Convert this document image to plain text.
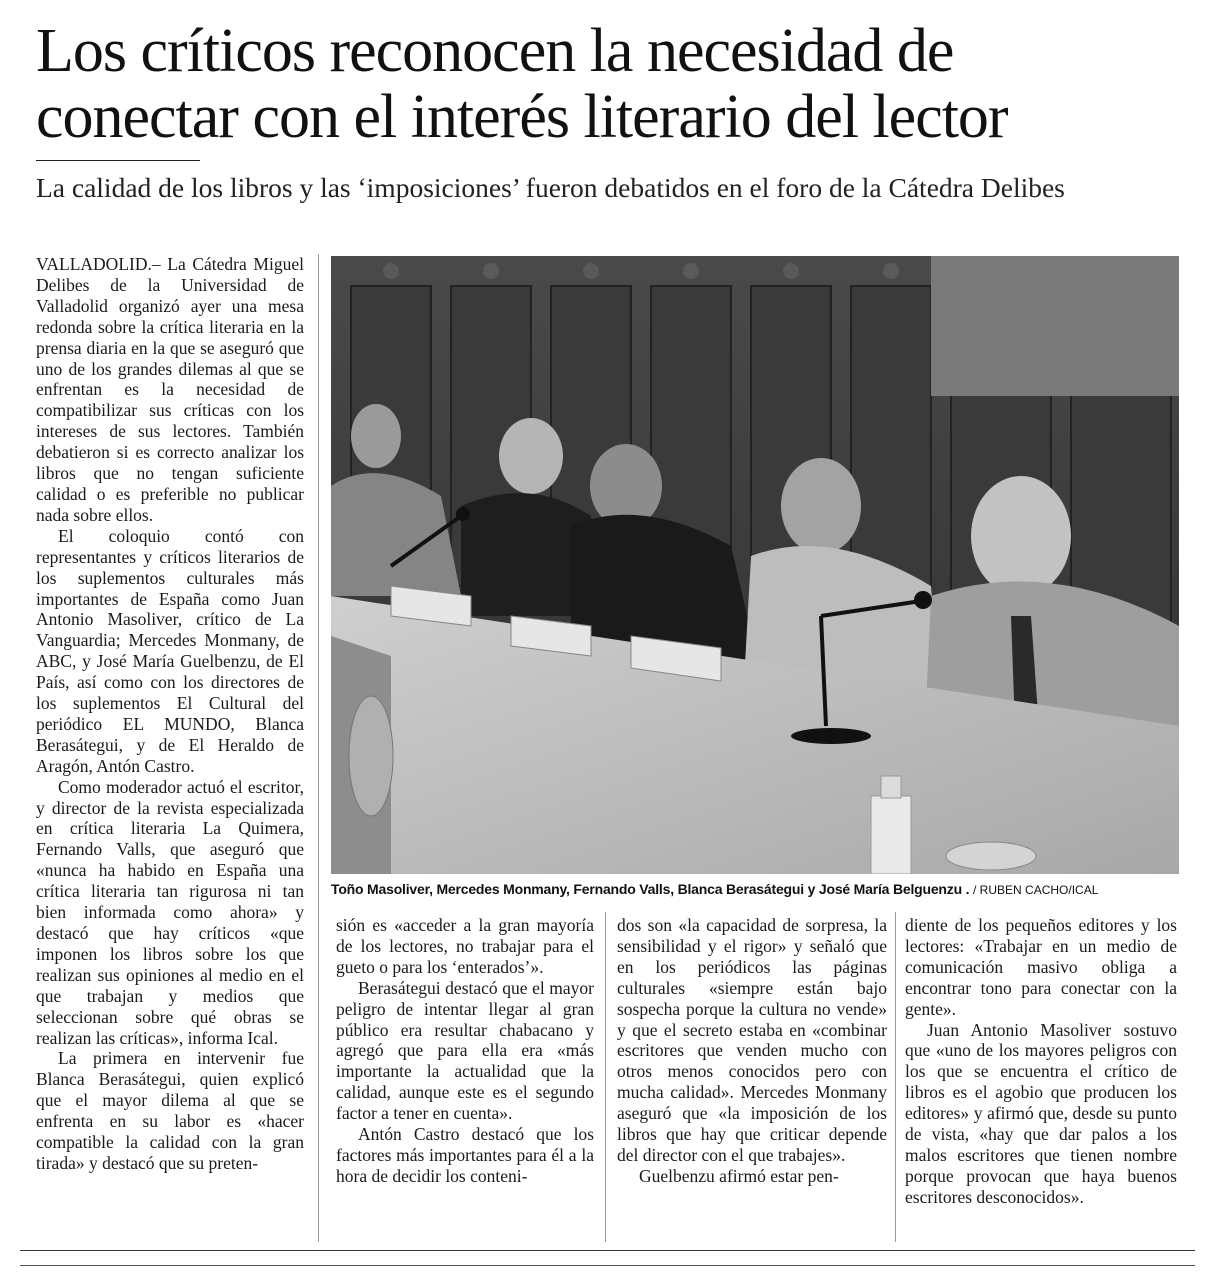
Los críticos reconocen la necesidad de
conectar con el interés literario del lector
La calidad de los libros y las ‘imposiciones’ fueron debatidos en el foro de la Cátedra Delibes

VALLADOLID.– La Cátedra Miguel Delibes de la Universidad de Valladolid organizó ayer una mesa redonda sobre la crítica literaria en la prensa diaria en la que se aseguró que uno de los grandes dilemas al que se enfrentan es la necesidad de compatibilizar sus críticas con los intereses de sus lectores. También debatieron si es correcto analizar los libros que no tengan suficiente calidad o es preferible no publicar nada sobre ellos.

El coloquio contó con representantes y críticos literarios de los suplementos culturales más importantes de España como Juan Antonio Masoliver, crítico de La Vanguardia; Mercedes Monmany, de ABC, y José María Guelbenzu, de El País, así como con los directores de los suplementos El Cultural del periódico EL MUNDO, Blanca Berasátegui, y de El Heraldo de Aragón, Antón Castro.

Como moderador actuó el escritor, y director de la revista especializada en crítica literaria La Quimera, Fernando Valls, que aseguró que «nunca ha habido en España una crítica literaria tan rigurosa ni tan bien informada como ahora» y destacó que hay críticos «que imponen los libros sobre los que realizan sus opiniones al medio en el que trabajan y medios que seleccionan sobre qué obras se realizan las críticas», informa Ical.

La primera en intervenir fue Blanca Berasátegui, quien explicó que el mayor dilema al que se enfrenta en su labor es «hacer compatible la calidad con la gran tirada» y destacó que su preten-

Toño Masoliver, Mercedes Monmany, Fernando Valls, Blanca Berasátegui y José María Belguenzu . / RUBEN CACHO/ICAL

sión es «acceder a la gran mayoría de los lectores, no trabajar para el gueto o para los ‘enterados’».

Berasátegui destacó que el mayor peligro de intentar llegar al gran público era resultar chabacano y agregó que para ella era «más importante la actualidad que la calidad, aunque este es el segundo factor a tener en cuenta».

Antón Castro destacó que los factores más importantes para él a la hora de decidir los conteni-

dos son «la capacidad de sorpresa, la sensibilidad y el rigor» y señaló que en los periódicos las páginas culturales «siempre están bajo sospecha porque la cultura no vende» y que el secreto estaba en «combinar escritores que venden mucho con otros menos conocidos pero con mucha calidad». Mercedes Monmany aseguró que «la imposición de los libros que hay que criticar depende del director con el que trabajes».

Guelbenzu afirmó estar pen-

diente de los pequeños editores y los lectores: «Trabajar en un medio de comunicación masivo obliga a encontrar tono para conectar con la gente».

Juan Antonio Masoliver sostuvo que «uno de los mayores peligros con los que se encuentra el crítico de libros es el agobio que producen los editores» y afirmó que, desde su punto de vista, «hay que dar palos a los malos escritores que tienen nombre porque provocan que haya buenos escritores desconocidos».
